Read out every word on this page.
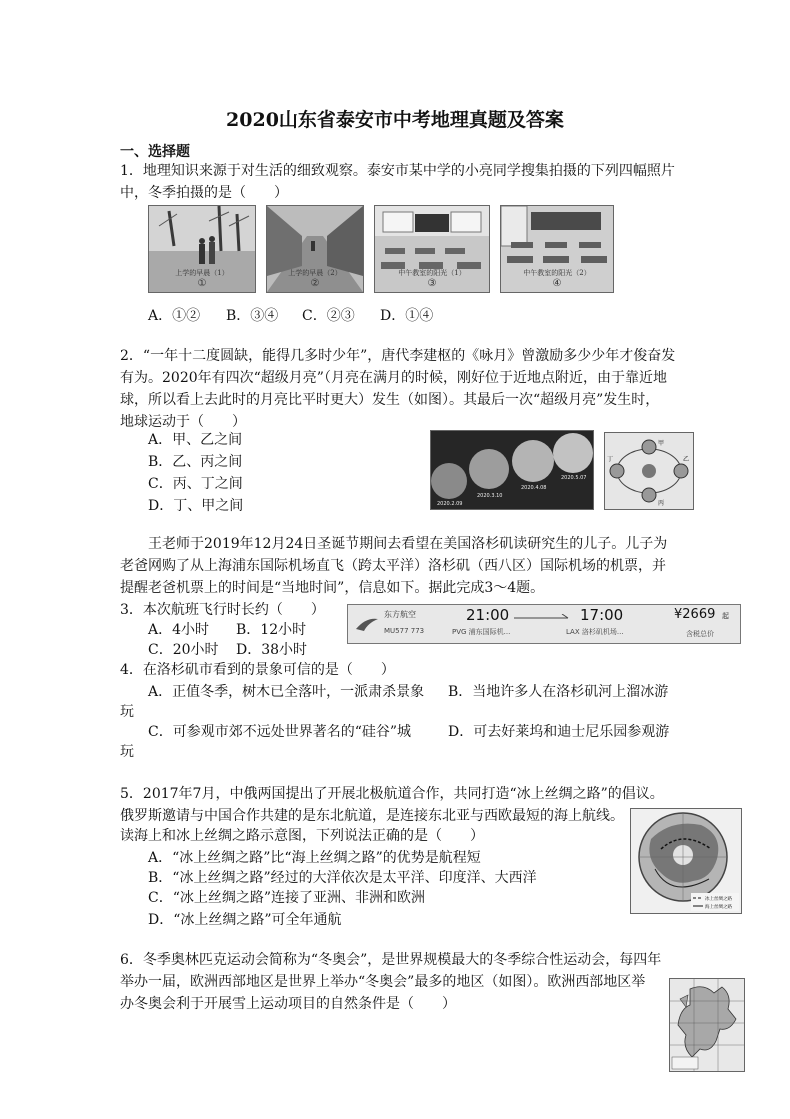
2020山东省泰安市中考地理真题及答案
一、选择题
1．地理知识来源于对生活的细致观察。泰安市某中学的小亮同学搜集拍摄的下列四幅照片
中，冬季拍摄的是（　　）
上学的早晨（1）
①
上学的早晨（2）
②
中午教室的阳光（1）
③
中午教室的阳光（2）
④
A．①② B．③④ C．②③ D．①④
2．“一年十二度圆缺，能得几多时少年”，唐代李建枢的《咏月》曾激励多少少年才俊奋发
有为。2020年有四次“超级月亮”（月亮在满月的时候，刚好位于近地点附近，由于靠近地
球，所以看上去此时的月亮比平时更大）发生（如图）。其最后一次“超级月亮”发生时，
地球运动于（　　）
A．甲、乙之间
B．乙、丙之间
C．丙、丁之间
D．丁、甲之间	2020.2.09
2020.3.10
2020.4.08
2020.5.07
甲
乙
丙
丁
王老师于2019年12月24日圣诞节期间去看望在美国洛杉矶读研究生的儿子。儿子为
老爸网购了从上海浦东国际机场直飞（跨太平洋）洛杉矶（西八区）国际机场的机票，并
提醒老爸机票上的时间是“当地时间”，信息如下。据此完成3～4题。
3．本次航班飞行时长约（　　）
A．4小时 B．12小时
C．20小时 D．38小时
东方航空
MU577 773
21:00
PVG 浦东国际机...
17:00
LAX 洛杉矶机场...
¥2669 起
含税总价
4．在洛杉矶市看到的景象可信的是（　　）
A．正值冬季，树木已全落叶，一派肃杀景象 B．当地许多人在洛杉矶河上溜冰游
玩
C．可参观市郊不远处世界著名的“硅谷”城	D．可去好莱坞和迪士尼乐园参观游
玩
5．2017年7月，中俄两国提出了开展北极航道合作，共同打造“冰上丝绸之路”的倡议。
俄罗斯邀请与中国合作共建的是东北航道，是连接东北亚与西欧最短的海上航线。
读海上和冰上丝绸之路示意图，下列说法正确的是（　　）
A．“冰上丝绸之路”比“海上丝绸之路”的优势是航程短
B．“冰上丝绸之路”经过的大洋依次是太平洋、印度洋、大西洋
C．“冰上丝绸之路”连接了亚洲、非洲和欧洲
D．“冰上丝绸之路”可全年通航
冰上丝绸之路
海上丝绸之路
6．冬季奥林匹克运动会简称为“冬奥会”，是世界规模最大的冬季综合性运动会，每四年
举办一届，欧洲西部地区是世界上举办“冬奥会”最多的地区（如图）。欧洲西部地区举
办冬奥会利于开展雪上运动项目的自然条件是（　　）
